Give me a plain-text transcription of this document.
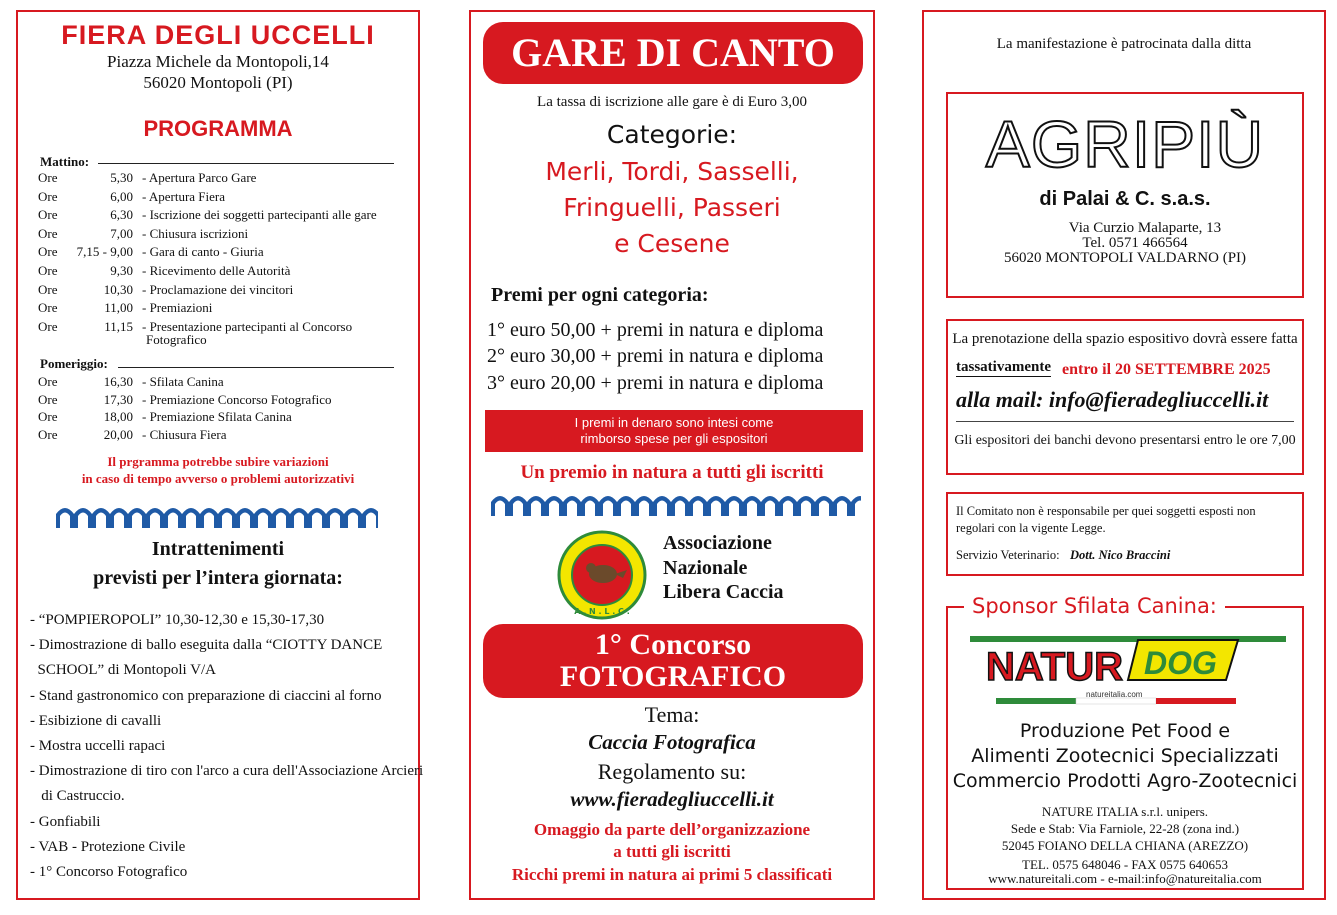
FIERA DEGLI UCCELLI
Piazza Michele da Montopoli,14
56020 Montopoli (PI)
PROGRAMMA
Mattino:
Ore	5,30 - Apertura Parco Gare
Ore	6,00 - Apertura Fiera
Ore	6,30 - Iscrizione dei soggetti partecipanti alle gare
Ore	7,00 - Chiusura iscrizioni
Ore	7,15 - 9,00 - Gara di canto - Giuria
Ore	9,30 - Ricevimento delle Autorità
Ore	10,30 - Proclamazione dei vincitori
Ore	11,00 - Premiazioni
Ore	11,15 - Presentazione partecipanti al Concorso
Fotografico
Pomeriggio:
Ore	16,30 - Sfilata Canina
Ore	17,30 - Premiazione Concorso Fotografico
Ore	18,00 - Premiazione Sfilata Canina
Ore	20,00 - Chiusura Fiera
Il prgramma potrebbe subire variazioni
in caso di tempo avverso o problemi autorizzativi
Intrattenimenti
previsti per l’intera giornata:
- “POMPIEROPOLI” 10,30-12,30 e 15,30-17,30
- Dimostrazione di ballo eseguita dalla “CIOTTY DANCE
SCHOOL” di Montopoli V/A
- Stand gastronomico con preparazione di ciaccini al forno
- Esibizione di cavalli
- Mostra uccelli rapaci
- Dimostrazione di tiro con l'arco a cura dell'Associazione Arcieri
di Castruccio.
- Gonfiabili
- VAB - Protezione Civile
- 1° Concorso Fotografico
GARE DI CANTO
La tassa di iscrizione alle gare è di Euro 3,00
Categorie:
Merli, Tordi, Sasselli,
Fringuelli, Passeri
e Cesene
Premi per ogni categoria:
1° euro 50,00 + premi in natura e diploma
2° euro 30,00 + premi in natura e diploma
3° euro 20,00 + premi in natura e diploma
I premi in denaro sono intesi come
rimborso spese per gli espositori
Un premio in natura a tutti gli iscritti
A . N . L . C .
Associazione
Nazionale
Libera Caccia
1° Concorso
FOTOGRAFICO
Tema:
Caccia Fotografica
Regolamento su:
www.fieradegliuccelli.it
Omaggio da parte dell’organizzazione
a tutti gli iscritti
Ricchi premi in natura ai primi 5 classificati
La manifestazione è patrocinata dalla ditta
AGRIPIÙ
di Palai & C. s.a.s.
Via Curzio Malaparte, 13
Tel. 0571 466564
56020 MONTOPOLI VALDARNO (PI)
La prenotazione della spazio espositivo dovrà essere fatta
tassativamente entro il 20 SETTEMBRE 2025
alla mail: info@fieradegliuccelli.it
Gli espositori dei banchi devono presentarsi entro le ore 7,00
Il Comitato non è responsabile per quei soggetti esposti non
regolari con la vigente Legge.
Servizio Veterinario: Dott. Nico Braccini
Sponsor Sfilata Canina:
NATUR DOG
natureitalia.com
Produzione Pet Food e
Alimenti Zootecnici Specializzati
Commercio Prodotti Agro-Zootecnici
NATURE ITALIA s.r.l. unipers.
Sede e Stab: Via Farniole, 22-28 (zona ind.)
52045 FOIANO DELLA CHIANA (AREZZO)
TEL. 0575 648046 - FAX 0575 640653
www.natureitali.com - e-mail:info@natureitalia.com
